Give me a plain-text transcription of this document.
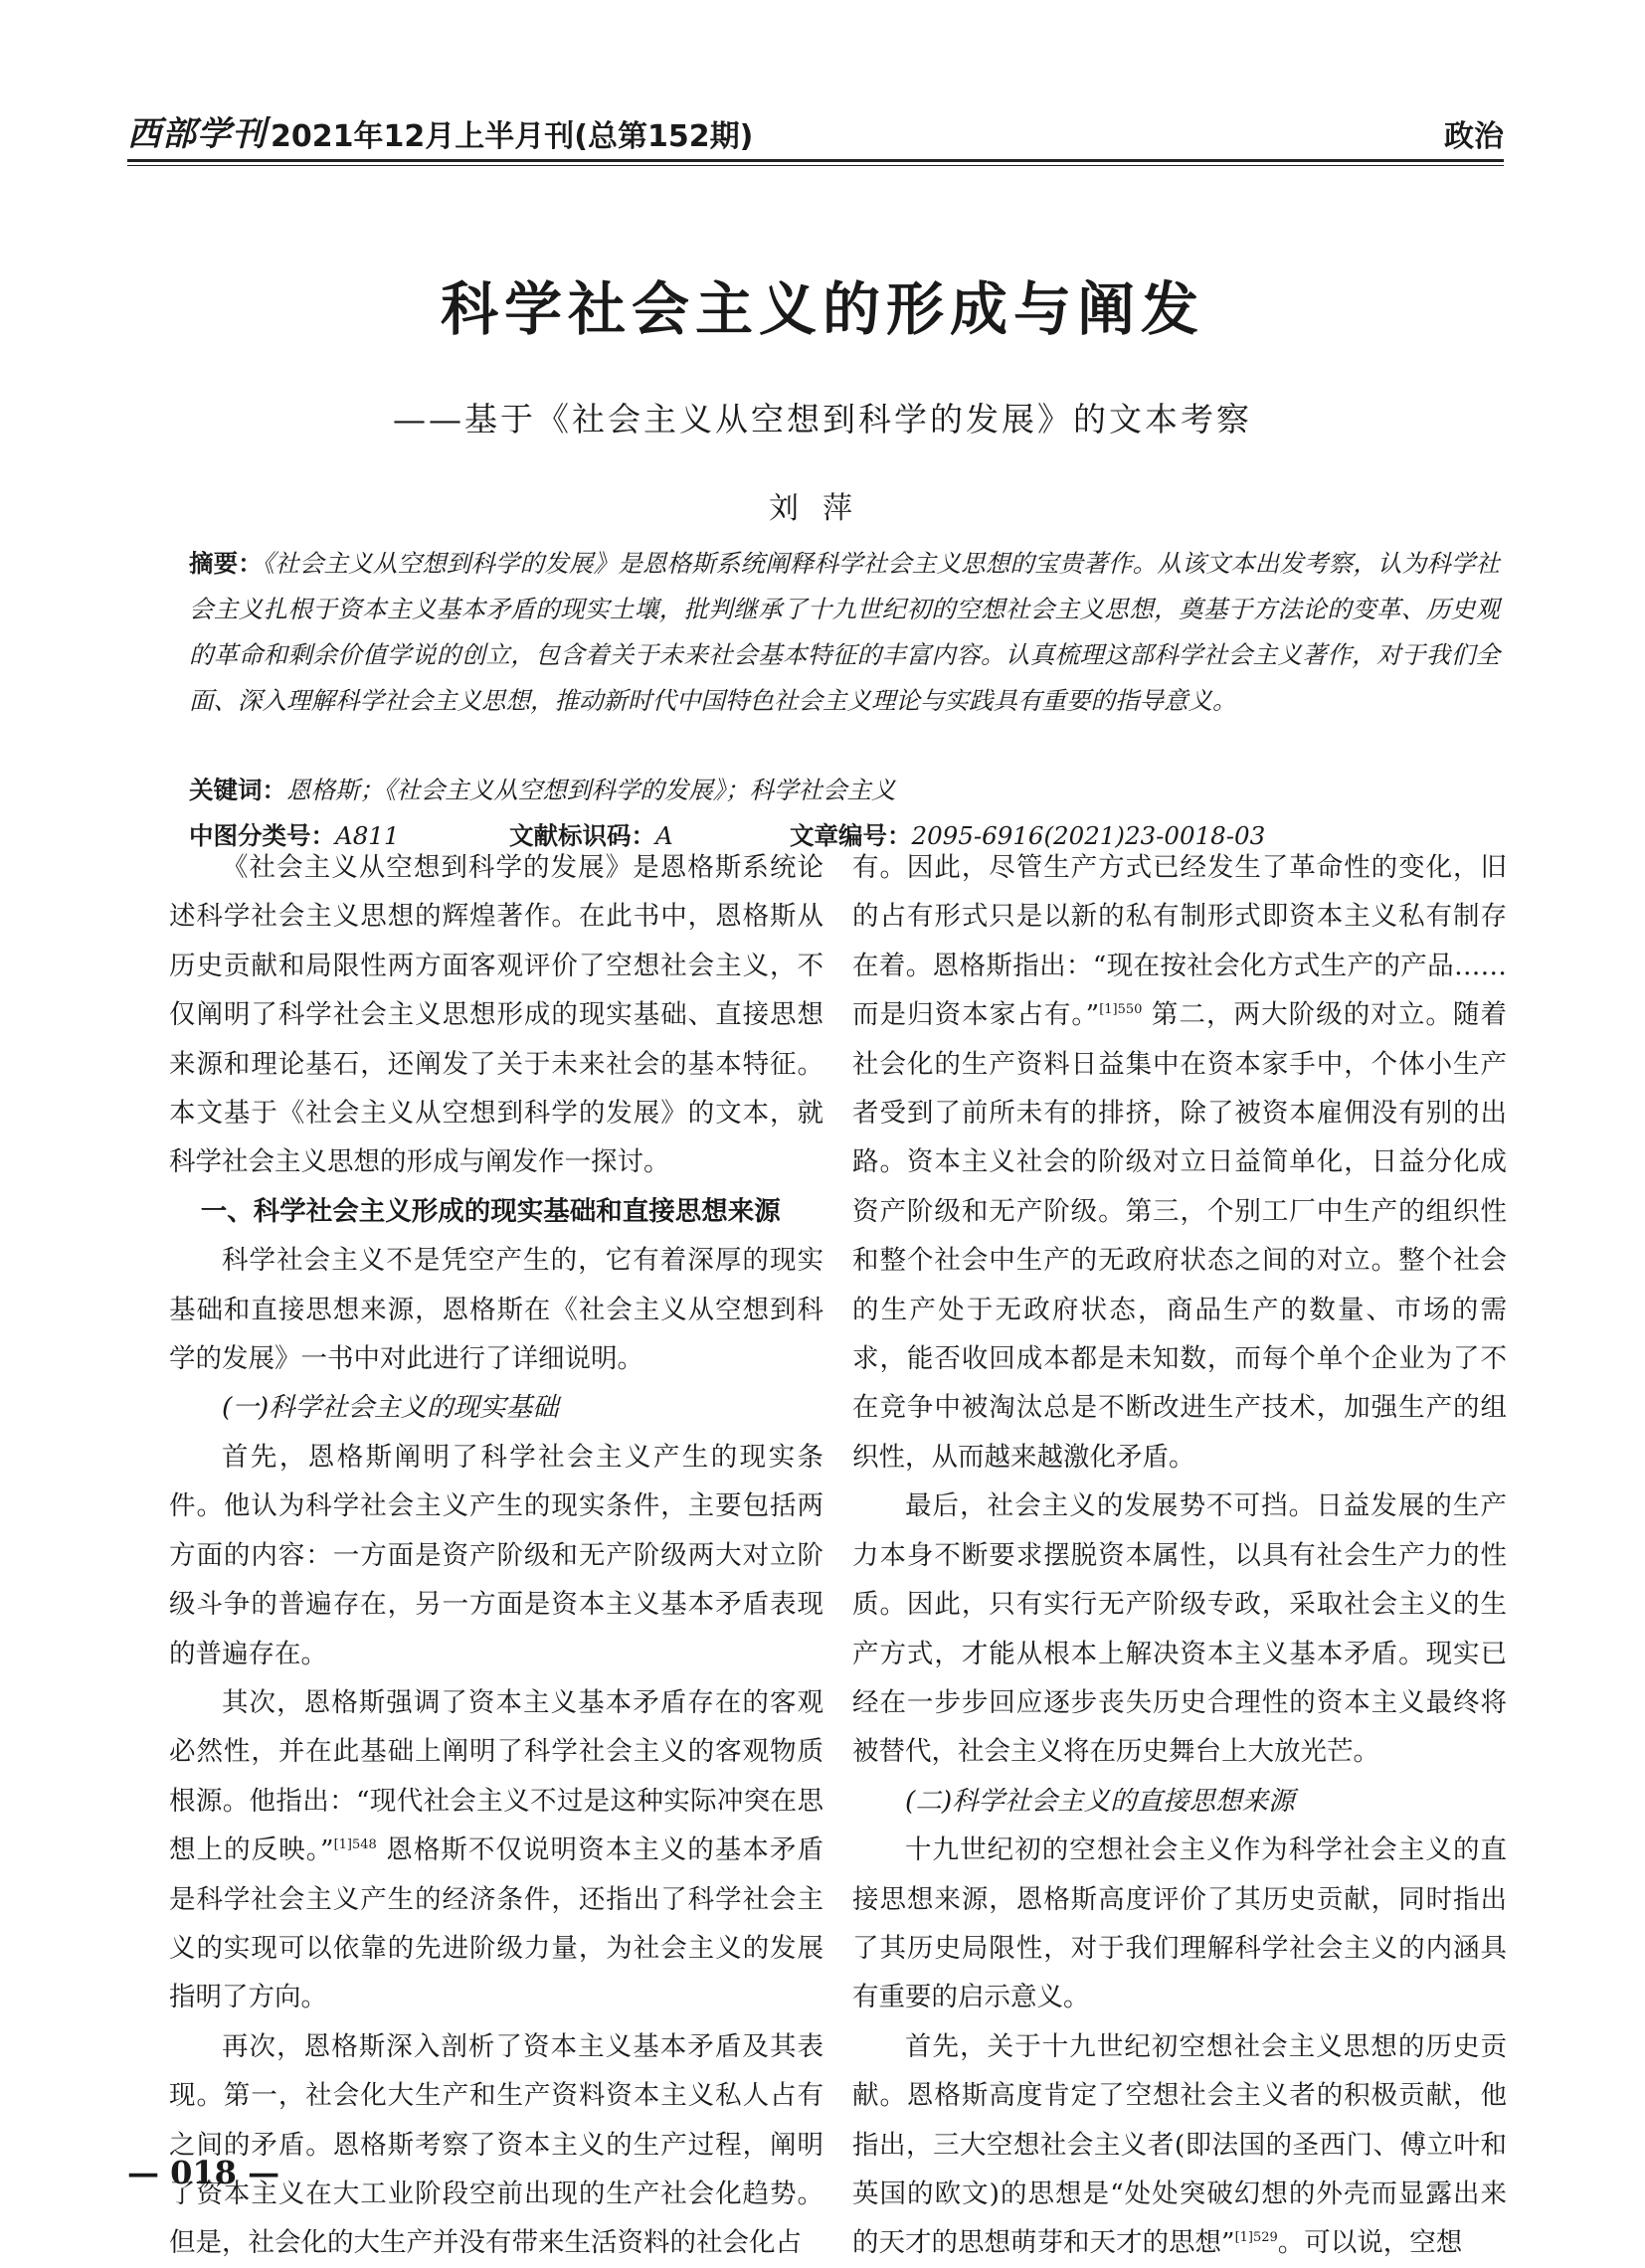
西部学刊 2021年12月上半月刊(总第152期)	政治
科学社会主义的形成与阐发
——基于《社会主义从空想到科学的发展》的文本考察
刘萍

摘要：《社会主义从空想到科学的发展》是恩格斯系统阐释科学社会主义思想的宝贵著作。从该文本出发考察，认为科学社会主义扎根于资本主义基本矛盾的现实土壤，批判继承了十九世纪初的空想社会主义思想，奠基于方法论的变革、历史观的革命和剩余价值学说的创立，包含着关于未来社会基本特征的丰富内容。认真梳理这部科学社会主义著作，对于我们全面、深入理解科学社会主义思想，推动新时代中国特色社会主义理论与实践具有重要的指导意义。

关键词： 恩格斯；《社会主义从空想到科学的发展》；科学社会主义
中图分类号：A811	文献标识码：A	文章编号：2095-6916(2021)23-0018-03

《社会主义从空想到科学的发展》是恩格斯系统论述科学社会主义思想的辉煌著作。在此书中，恩格斯从历史贡献和局限性两方面客观评价了空想社会主义，不仅阐明了科学社会主义思想形成的现实基础、直接思想来源和理论基石，还阐发了关于未来社会的基本特征。本文基于《社会主义从空想到科学的发展》的文本，就科学社会主义思想的形成与阐发作一探讨。

一、科学社会主义形成的现实基础和直接思想来源

科学社会主义不是凭空产生的，它有着深厚的现实基础和直接思想来源，恩格斯在《社会主义从空想到科学的发展》一书中对此进行了详细说明。

(一)科学社会主义的现实基础

首先，恩格斯阐明了科学社会主义产生的现实条件。他认为科学社会主义产生的现实条件，主要包括两方面的内容：一方面是资产阶级和无产阶级两大对立阶级斗争的普遍存在，另一方面是资本主义基本矛盾表现的普遍存在。

其次，恩格斯强调了资本主义基本矛盾存在的客观必然性，并在此基础上阐明了科学社会主义的客观物质根源。他指出：“现代社会主义不过是这种实际冲突在思想上的反映。”$^{[1]548}$ 恩格斯不仅说明资本主义的基本矛盾是科学社会主义产生的经济条件，还指出了科学社会主义的实现可以依靠的先进阶级力量，为社会主义的发展指明了方向。

再次，恩格斯深入剖析了资本主义基本矛盾及其表现。第一，社会化大生产和生产资料资本主义私人占有之间的矛盾。恩格斯考察了资本主义的生产过程，阐明了资本主义在大工业阶段空前出现的生产社会化趋势。但是，社会化的大生产并没有带来生活资料的社会化占

有。因此，尽管生产方式已经发生了革命性的变化，旧的占有形式只是以新的私有制形式即资本主义私有制存在着。恩格斯指出：“现在按社会化方式生产的产品……而是归资本家占有。”$^{[1]550}$ 第二，两大阶级的对立。随着社会化的生产资料日益集中在资本家手中，个体小生产者受到了前所未有的排挤，除了被资本雇佣没有别的出路。资本主义社会的阶级对立日益简单化，日益分化成资产阶级和无产阶级。第三，个别工厂中生产的组织性和整个社会中生产的无政府状态之间的对立。整个社会的生产处于无政府状态，商品生产的数量、市场的需求，能否收回成本都是未知数，而每个单个企业为了不在竞争中被淘汰总是不断改进生产技术，加强生产的组织性，从而越来越激化矛盾。

最后，社会主义的发展势不可挡。日益发展的生产力本身不断要求摆脱资本属性，以具有社会生产力的性质。因此，只有实行无产阶级专政，采取社会主义的生产方式，才能从根本上解决资本主义基本矛盾。现实已经在一步步回应逐步丧失历史合理性的资本主义最终将被替代，社会主义将在历史舞台上大放光芒。

(二)科学社会主义的直接思想来源

十九世纪初的空想社会主义作为科学社会主义的直接思想来源，恩格斯高度评价了其历史贡献，同时指出了其历史局限性，对于我们理解科学社会主义的内涵具有重要的启示意义。

首先，关于十九世纪初空想社会主义思想的历史贡献。恩格斯高度肯定了空想社会主义者的积极贡献，他指出，三大空想社会主义者(即法国的圣西门、傅立叶和英国的欧文)的思想是“处处突破幻想的外壳而显露出来的天才的思想萌芽和天才的思想”$^{[1]529}$。可以说，空想

— 018 —
